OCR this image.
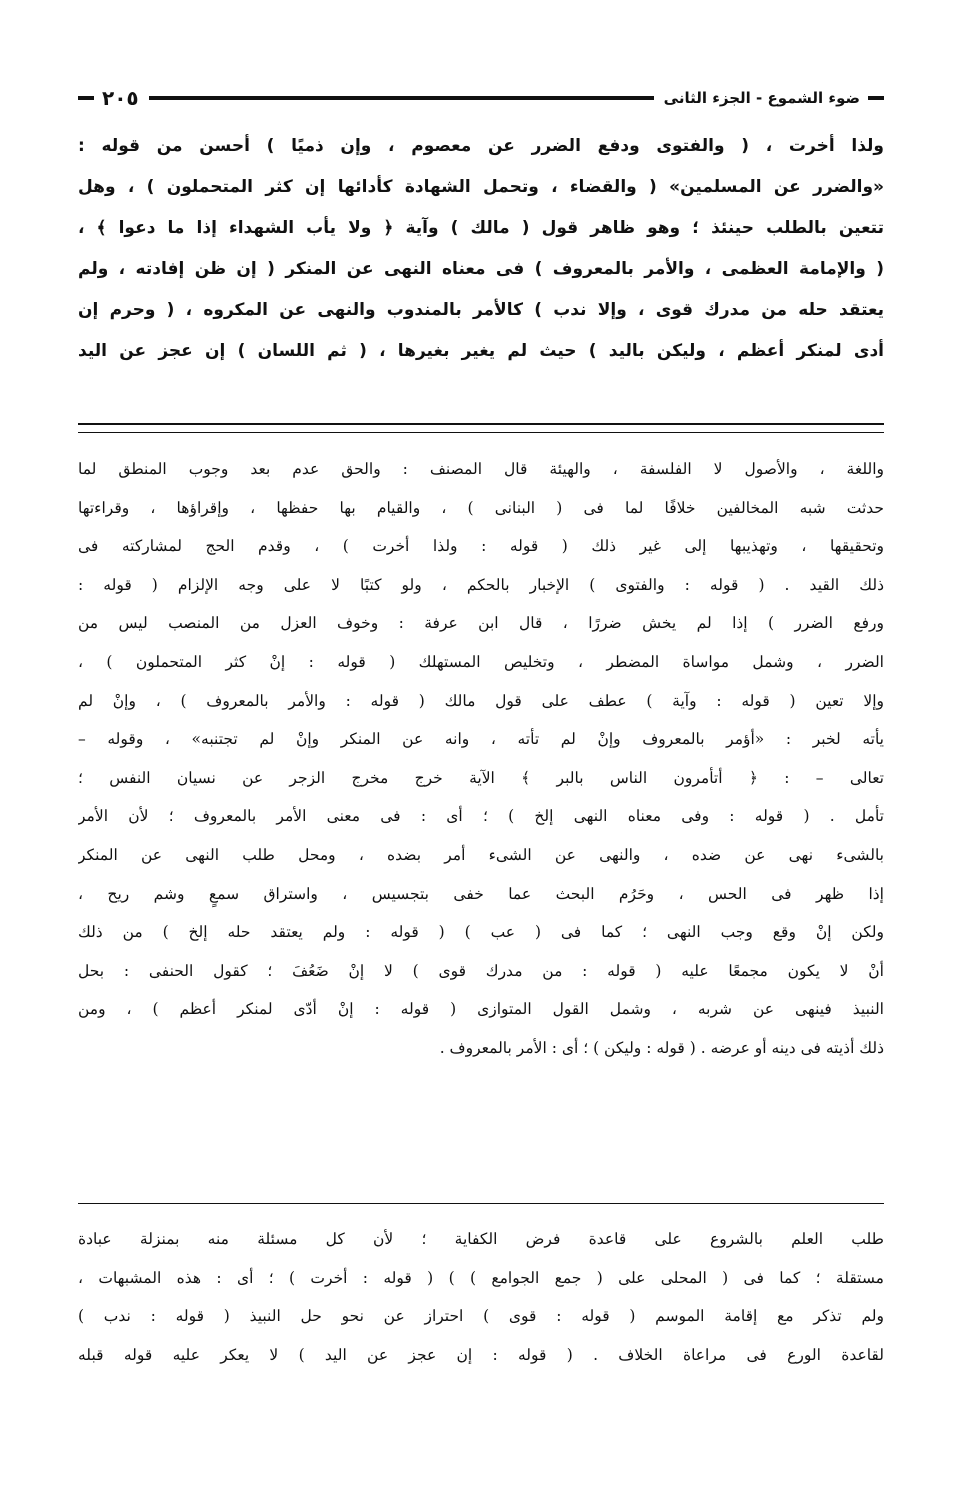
ضوء الشموع - الجزء الثانى
٢٠٥
ولذا أخرت ، ( والفتوى ودفع الضرر عن معصوم ، وإن ذميًا ) أحسن من قوله :
«والضرر عن المسلمين» ( والقضاء ، وتحمل الشهادة كأدائها إن كثر المتحملون ) ، وهل
تتعين بالطلب حينئذ ؛ وهو ظاهر قول ( مالك ) وآية ﴿ ولا يأب الشهداء إذا ما دعوا ﴾ ،
( والإمامة العظمى ، والأمر بالمعروف ) فى معناه النهى عن المنكر ( إن ظن إفادته ، ولم
يعتقد حله من مدرك قوى ، وإلا ندب ) كالأمر بالمندوب والنهى عن المكروه ، ( وحرم إن
أدى لمنكر أعظم ، وليكن باليد ) حيث لم يغير بغيرها ، ( ثم اللسان ) إن عجز عن اليد
واللغة ، والأصول لا الفلسفة ، والهيئة قال المصنف : والحق عدم بعد وجوب المنطق لما
حدثت شبه المخالفين خلافًا لما فى ( البنانى ) ، والقيام بها حفظها ، وإقراؤها ، وقراءتها
وتحقيقها ، وتهذيبها إلى غير ذلك ( قوله : ولذا أخرت ) ، وقدم الحج لمشاركته فى
ذلك القيد . ( قوله : والفتوى ) الإخبار بالحكم ، ولو كتبًا لا على وجه الإلزام ( قوله :
ورفع الضرر ) إذا لم يخش ضررًا ، قال ابن عرفة : وخوف العزل من المنصب ليس من
الضرر ، وشمل مواساة المضطر ، وتخليص المستهلك ( قوله : إنْ كثر المتحملون ) ،
وإلا تعين ( قوله : وآية ) عطف على قول مالك ( قوله : والأمر بالمعروف ) ، وإنْ لم
يأته لخبر : «أؤمر بالمعروف وإنْ لم تأته ، وانه عن المنكر وإنْ لم تجتنبه» ، وقوله –
تعالى – : ﴿ أتأمرون الناس بالبر ﴾ الآية خرج مخرج الزجر عن نسيان النفس ؛
تأمل . ( قوله : وفى معناه النهى إلخ ) ؛ أى : فى معنى الأمر بالمعروف ؛ لأن الأمر
بالشىء نهى عن ضده ، والنهى عن الشىء أمر بضده ، ومحل طلب النهى عن المنكر
إذا ظهر فى الحس ، وحَرُم البحث عما خفى بتجسيس ، واستراق سمعٍ وشم ريح ،
ولكن إنْ وقع وجب النهى ؛ كما فى ( عب ) ( قوله : ولم يعتقد حله إلخ ) من ذلك
أنْ لا يكون مجمعًا عليه ( قوله : من مدرك قوى ) لا إنْ ضَعُفَ ؛ كقول الحنفى : بحل
النبيذ فينهى عن شربه ، وشمل القول المتوازى ( قوله : إنْ أدّى لمنكر أعظم ) ، ومن
ذلك أذيته فى دينه أو عرضه . ( قوله : وليكن ) ؛ أى : الأمر بالمعروف .
طلب العلم بالشروع على قاعدة فرض الكفاية ؛ لأن كل مسئلة منه بمنزلة عبادة
مستقلة ؛ كما فى ( المحلى على ( جمع الجوامع ) ) ( قوله : أخرت ) ؛ أى : هذه المشبهات ،
ولم تذكر مع إقامة الموسم ( قوله : قوى ) احتراز عن نحو حل النبيذ ( قوله : ندب )
لقاعدة الورع فى مراعاة الخلاف . ( قوله : إن عجز عن اليد ) لا يعكر عليه قوله قبله
